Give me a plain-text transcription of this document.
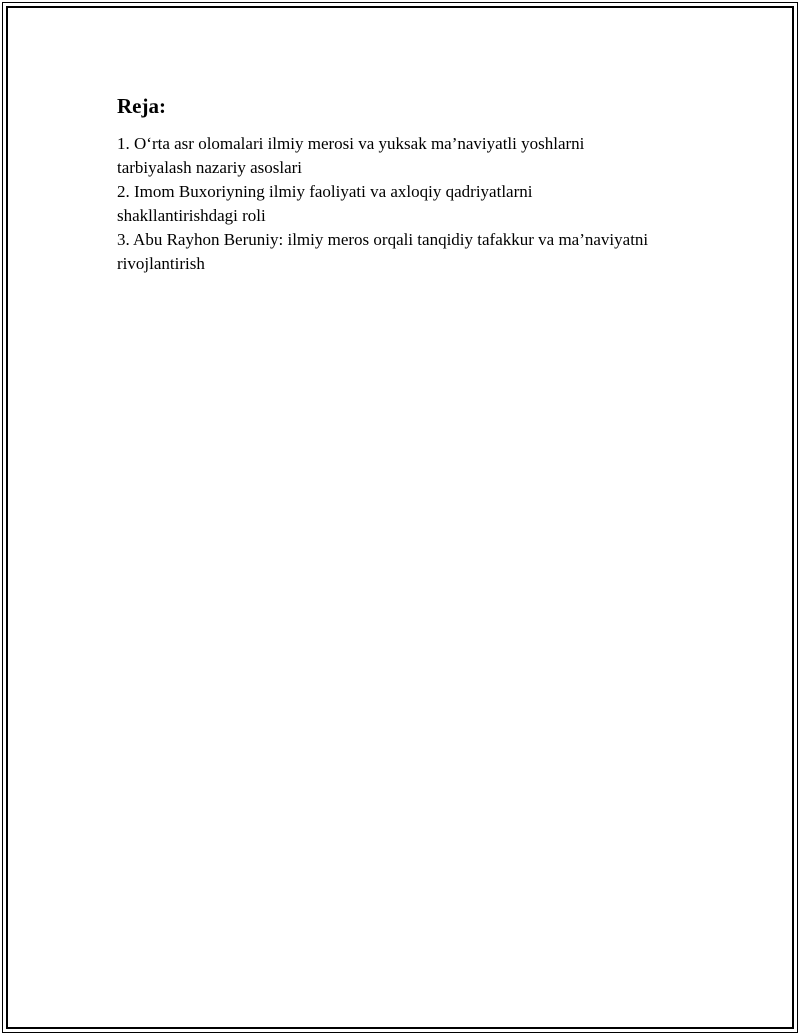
Reja:
1. O‘rta asr olomalari ilmiy merosi va yuksak ma’naviyatli yoshlarni tarbiyalash nazariy asoslari
2. Imom Buxoriyning ilmiy faoliyati va axloqiy qadriyatlarni shakllantirishdagi roli
3. Abu Rayhon Beruniy: ilmiy meros orqali tanqidiy tafakkur va ma’naviyatni rivojlantirish
